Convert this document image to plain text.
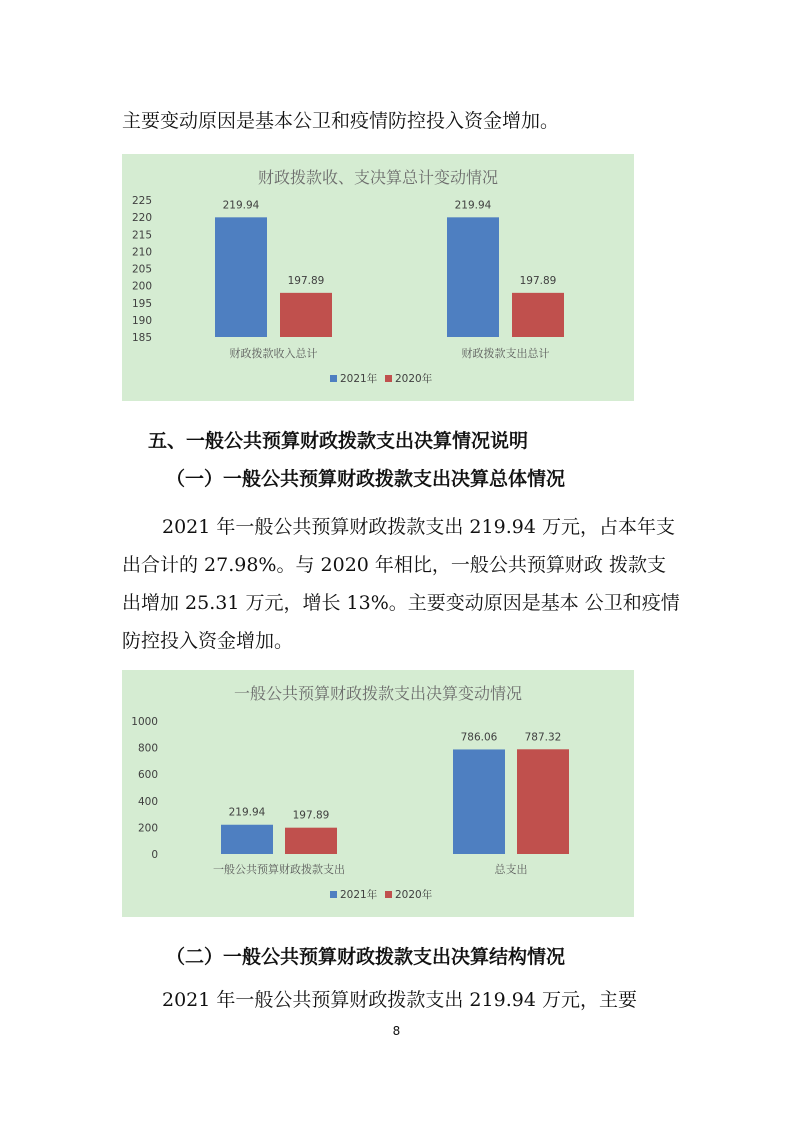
主要变动原因是基本公卫和疫情防控投入资金增加。

财政拨款收、支决算总计变动情况
185
190
195
200
205
210
215
220
225	219.94
197.89
财政拨款收入总计
219.94
197.89
财政拨款支出总计
2021年 2020年

五、一般公共预算财政拨款支出决算情况说明

（一）一般公共预算财政拨款支出决算总体情况

2021 年一般公共预算财政拨款支出 219.94 万元，占本年支出合计的 27.98%。与 2020 年相比，一般公共预算财政 拨款支出增加 25.31 万元，增长 13%。主要变动原因是基本 公卫和疫情防控投入资金增加。

一般公共预算财政拨款支出决算变动情况
0
200
400
600
800
1000
219.94	197.89
一般公共预算财政拨款支出
786.06	787.32
总支出
2021年 2020年

（二）一般公共预算财政拨款支出决算结构情况

2021 年一般公共预算财政拨款支出 219.94 万元，主要

8
